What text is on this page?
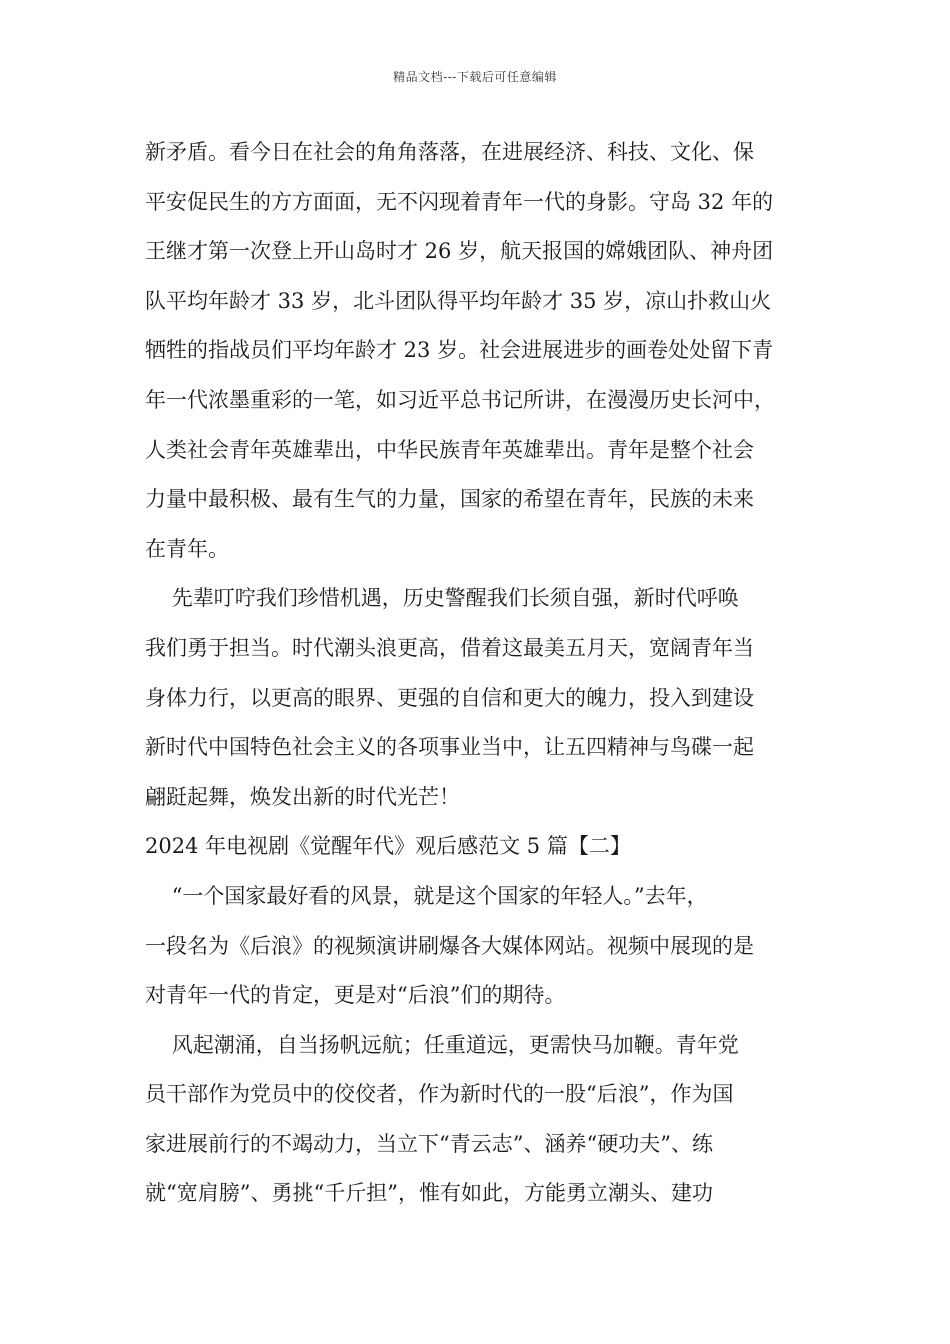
精品文档---下载后可任意编辑
新矛盾。看今日在社会的角角落落，在进展经济、科技、文化、保
平安促民生的方方面面，无不闪现着青年一代的身影。守岛 32 年的
王继才第一次登上开山岛时才 26 岁，航天报国的嫦娥团队、神舟团
队平均年龄才 33 岁，北斗团队得平均年龄才 35 岁，凉山扑救山火
牺牲的指战员们平均年龄才 23 岁。社会进展进步的画卷处处留下青
年一代浓墨重彩的一笔，如习近平总书记所讲，在漫漫历史长河中，
人类社会青年英雄辈出，中华民族青年英雄辈出。青年是整个社会
力量中最积极、最有生气的力量，国家的希望在青年，民族的未来
在青年。
先辈叮咛我们珍惜机遇，历史警醒我们长须自强，新时代呼唤
我们勇于担当。时代潮头浪更高，借着这最美五月天，宽阔青年当
身体力行，以更高的眼界、更强的自信和更大的魄力，投入到建设
新时代中国特色社会主义的各项事业当中，让五四精神与鸟碟一起
翩跹起舞，焕发出新的时代光芒！
2024 年电视剧《觉醒年代》观后感范文 5 篇【二】
“一个国家最好看的风景，就是这个国家的年轻人。”去年，
一段名为《后浪》的视频演讲刷爆各大媒体网站。视频中展现的是
对青年一代的肯定，更是对“后浪”们的期待。
风起潮涌，自当扬帆远航；任重道远，更需快马加鞭。青年党
员干部作为党员中的佼佼者，作为新时代的一股“后浪”，作为国
家进展前行的不竭动力，当立下“青云志”、涵养“硬功夫”、练
就“宽肩膀”、勇挑“千斤担”，惟有如此，方能勇立潮头、建功
